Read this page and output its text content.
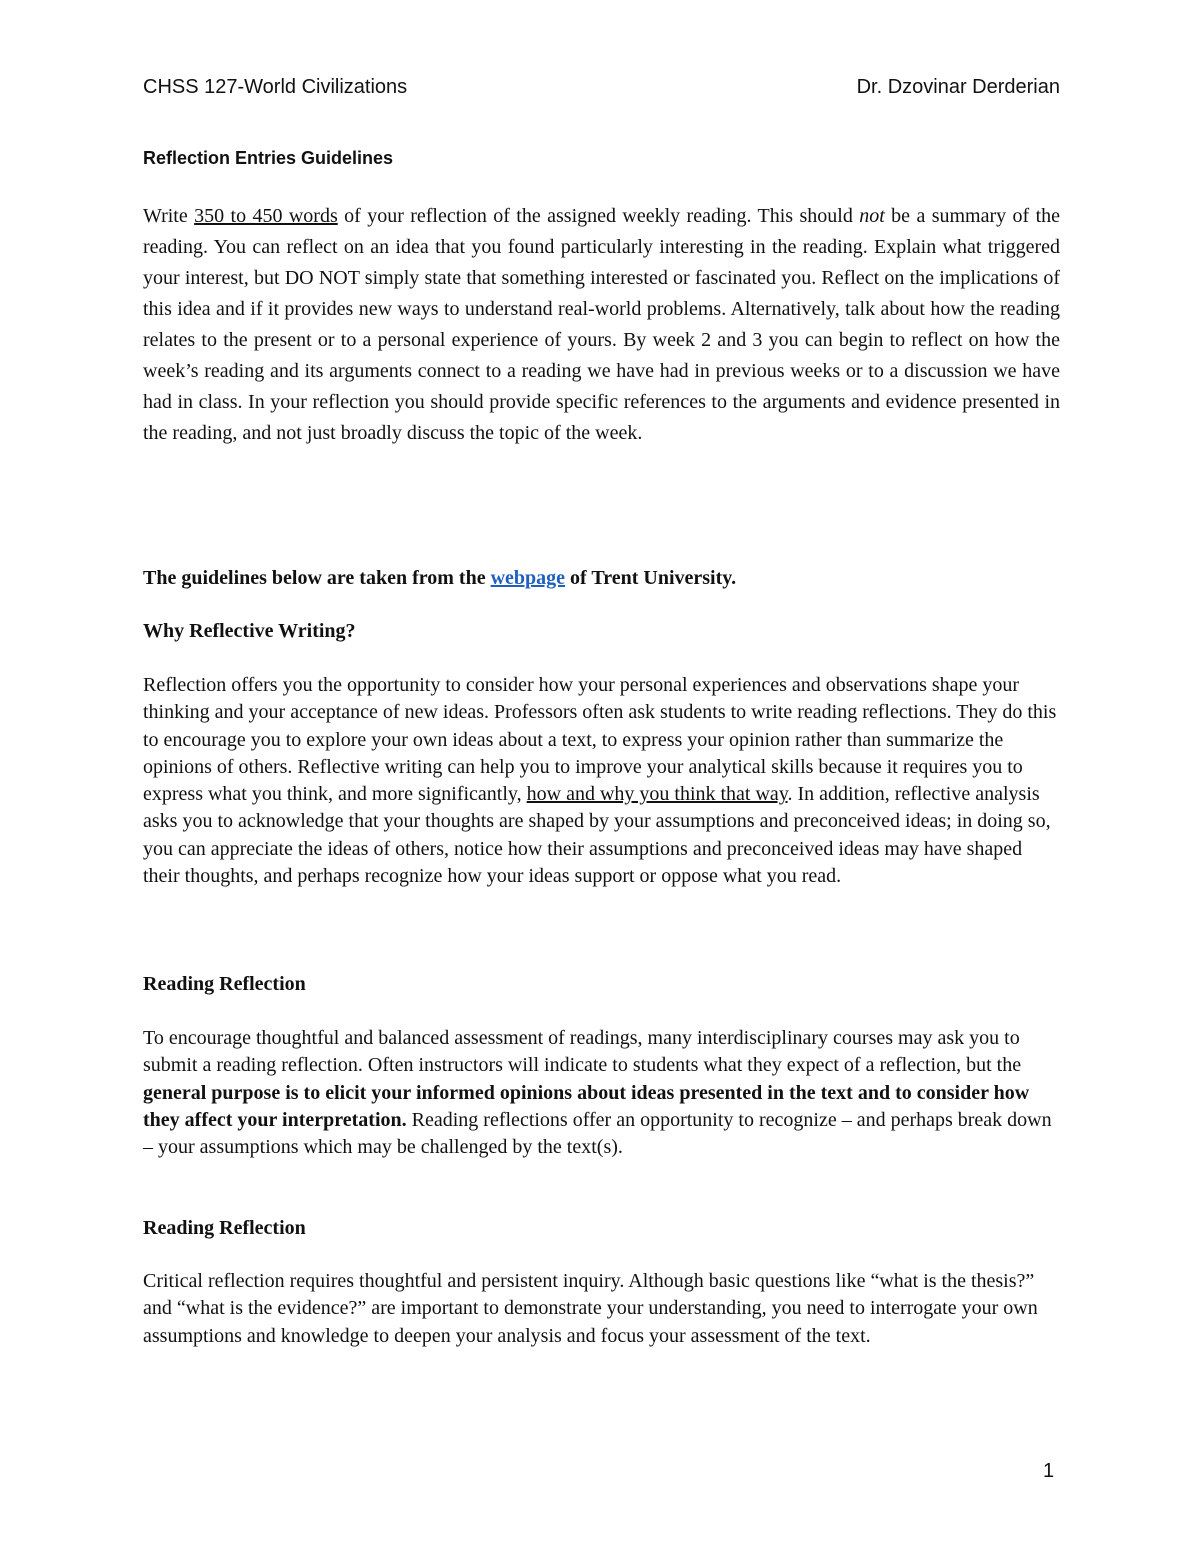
CHSS 127-World Civilizations	Dr. Dzovinar Derderian
Reflection Entries Guidelines

Write 350 to 450 words of your reflection of the assigned weekly reading. This should not be a summary of the reading. You can reflect on an idea that you found particularly interesting in the reading. Explain what triggered your interest, but DO NOT simply state that something interested or fascinated you. Reflect on the implications of this idea and if it provides new ways to understand real-world problems. Alternatively, talk about how the reading relates to the present or to a personal experience of yours. By week 2 and 3 you can begin to reflect on how the week’s reading and its arguments connect to a reading we have had in previous weeks or to a discussion we have had in class. In your reflection you should provide specific references to the arguments and evidence presented in the reading, and not just broadly discuss the topic of the week.

The guidelines below are taken from the webpage of Trent University.

Why Reflective Writing?

Reflection offers you the opportunity to consider how your personal experiences and observations shape your thinking and your acceptance of new ideas. Professors often ask students to write reading reflections. They do this to encourage you to explore your own ideas about a text, to express your opinion rather than summarize the opinions of others. Reflective writing can help you to improve your analytical skills because it requires you to express what you think, and more significantly, how and why you think that way. In addition, reflective analysis asks you to acknowledge that your thoughts are shaped by your assumptions and preconceived ideas; in doing so, you can appreciate the ideas of others, notice how their assumptions and preconceived ideas may have shaped their thoughts, and perhaps recognize how your ideas support or oppose what you read.

Reading Reflection

To encourage thoughtful and balanced assessment of readings, many interdisciplinary courses may ask you to submit a reading reflection. Often instructors will indicate to students what they expect of a reflection, but the general purpose is to elicit your informed opinions about ideas presented in the text and to consider how they affect your interpretation. Reading reflections offer an opportunity to recognize – and perhaps break down – your assumptions which may be challenged by the text(s).

Reading Reflection

Critical reflection requires thoughtful and persistent inquiry. Although basic questions like “what is the thesis?” and “what is the evidence?” are important to demonstrate your understanding, you need to interrogate your own assumptions and knowledge to deepen your analysis and focus your assessment of the text.

1
